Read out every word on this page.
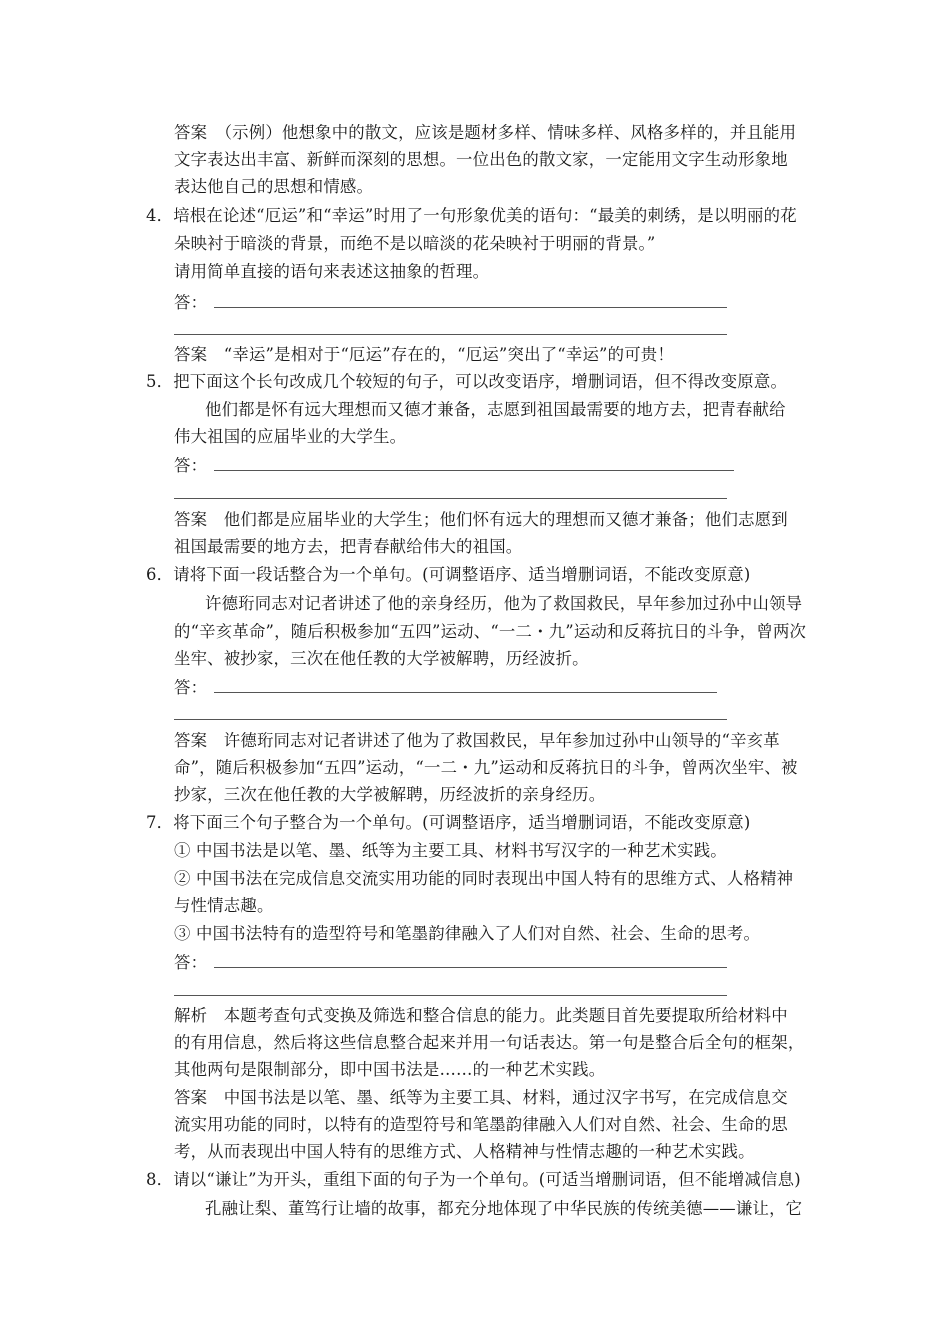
答案　（示例）他想象中的散文，应该是题材多样、情味多样、风格多样的，并且能用
文字表达出丰富、新鲜而深刻的思想。一位出色的散文家，一定能用文字生动形象地
表达他自己的思想和情感。
4．培根在论述“厄运”和“幸运”时用了一句形象优美的语句：“最美的刺绣，是以明丽的花
朵映衬于暗淡的背景，而绝不是以暗淡的花朵映衬于明丽的背景。”
请用简单直接的语句来表述这抽象的哲理。
答：
答案　“幸运”是相对于“厄运”存在的，“厄运”突出了“幸运”的可贵！
5．把下面这个长句改成几个较短的句子，可以改变语序，增删词语，但不得改变原意。
他们都是怀有远大理想而又德才兼备，志愿到祖国最需要的地方去，把青春献给
伟大祖国的应届毕业的大学生。
答：
答案　他们都是应届毕业的大学生；他们怀有远大的理想而又德才兼备；他们志愿到
祖国最需要的地方去，把青春献给伟大的祖国。
6．请将下面一段话整合为一个单句。(可调整语序、适当增删词语，不能改变原意)
许德珩同志对记者讲述了他的亲身经历，他为了救国救民，早年参加过孙中山领导
的“辛亥革命”，随后积极参加“五四”运动、“一二・九”运动和反蒋抗日的斗争，曾两次
坐牢、被抄家，三次在他任教的大学被解聘，历经波折。
答：
答案　许德珩同志对记者讲述了他为了救国救民，早年参加过孙中山领导的“辛亥革
命”，随后积极参加“五四”运动，“一二・九”运动和反蒋抗日的斗争，曾两次坐牢、被
抄家，三次在他任教的大学被解聘，历经波折的亲身经历。
7．将下面三个句子整合为一个单句。(可调整语序，适当增删词语，不能改变原意)
① 中国书法是以笔、墨、纸等为主要工具、材料书写汉字的一种艺术实践。
② 中国书法在完成信息交流实用功能的同时表现出中国人特有的思维方式、人格精神
与性情志趣。
③ 中国书法特有的造型符号和笔墨韵律融入了人们对自然、社会、生命的思考。
答：
解析　本题考查句式变换及筛选和整合信息的能力。此类题目首先要提取所给材料中
的有用信息，然后将这些信息整合起来并用一句话表达。第一句是整合后全句的框架，
其他两句是限制部分，即中国书法是……的一种艺术实践。
答案　中国书法是以笔、墨、纸等为主要工具、材料，通过汉字书写，在完成信息交
流实用功能的同时，以特有的造型符号和笔墨韵律融入人们对自然、社会、生命的思
考，从而表现出中国人特有的思维方式、人格精神与性情志趣的一种艺术实践。
8．请以“谦让”为开头，重组下面的句子为一个单句。(可适当增删词语，但不能增减信息)
孔融让梨、董笃行让墙的故事，都充分地体现了中华民族的传统美德——谦让，它
